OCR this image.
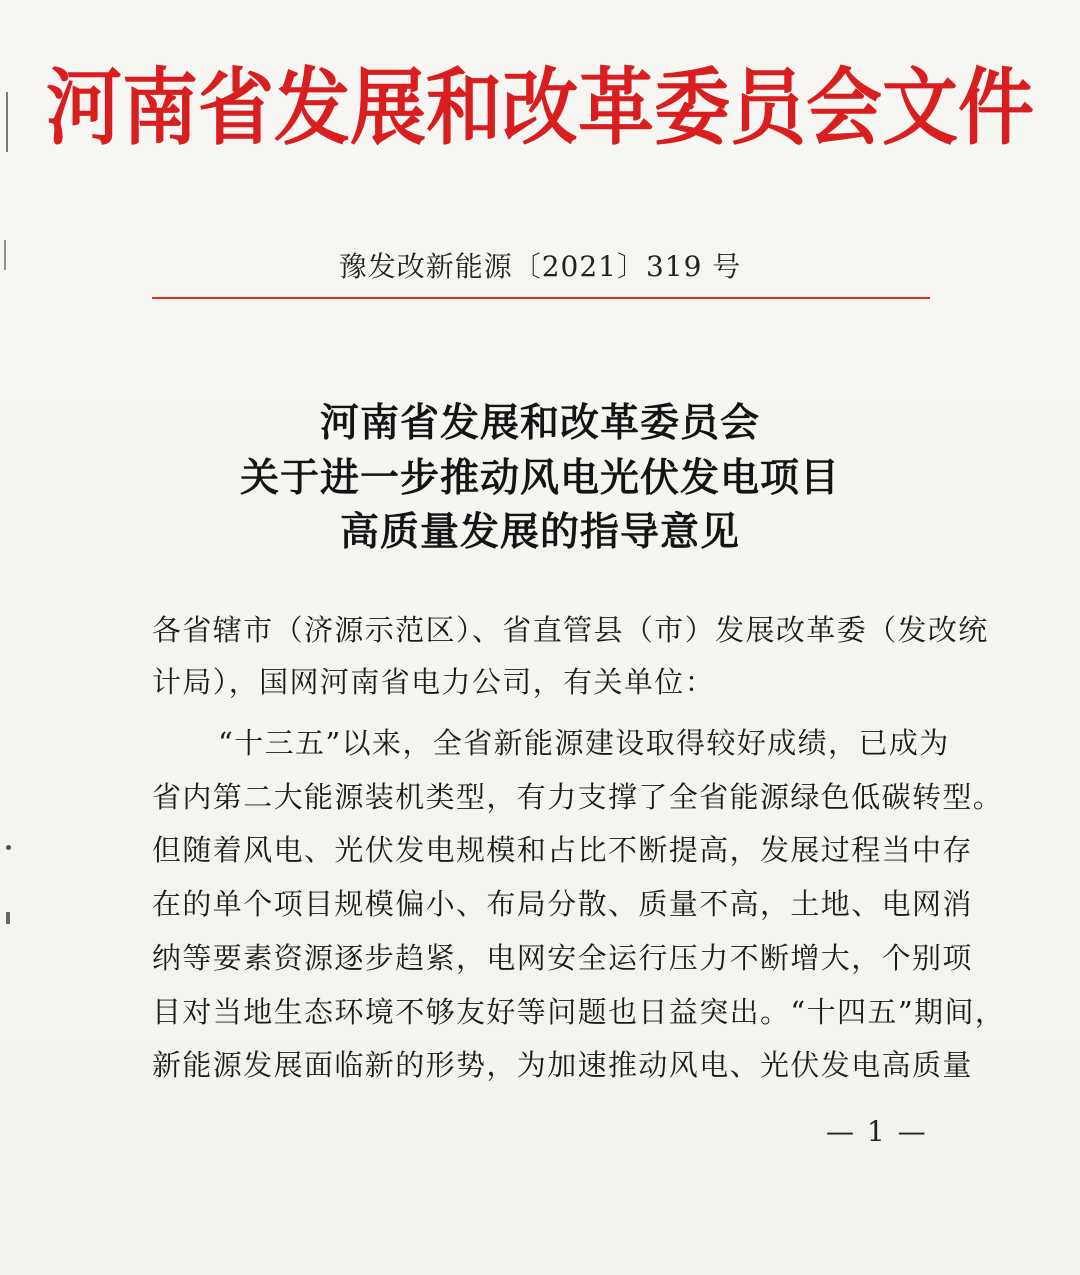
河南省发展和改革委员会文件
豫发改新能源〔2021〕319 号
河南省发展和改革委员会
关于进一步推动风电光伏发电项目
高质量发展的指导意见
各省辖市（济源示范区）、省直管县（市）发展改革委（发改统
计局），国网河南省电力公司，有关单位：
“十三五”以来，全省新能源建设取得较好成绩，已成为
省内第二大能源装机类型，有力支撑了全省能源绿色低碳转型。
但随着风电、光伏发电规模和占比不断提高，发展过程当中存
在的单个项目规模偏小、布局分散、质量不高，土地、电网消
纳等要素资源逐步趋紧，电网安全运行压力不断增大，个别项
目对当地生态环境不够友好等问题也日益突出。“十四五”期间，
新能源发展面临新的形势，为加速推动风电、光伏发电高质量
— 1 —
